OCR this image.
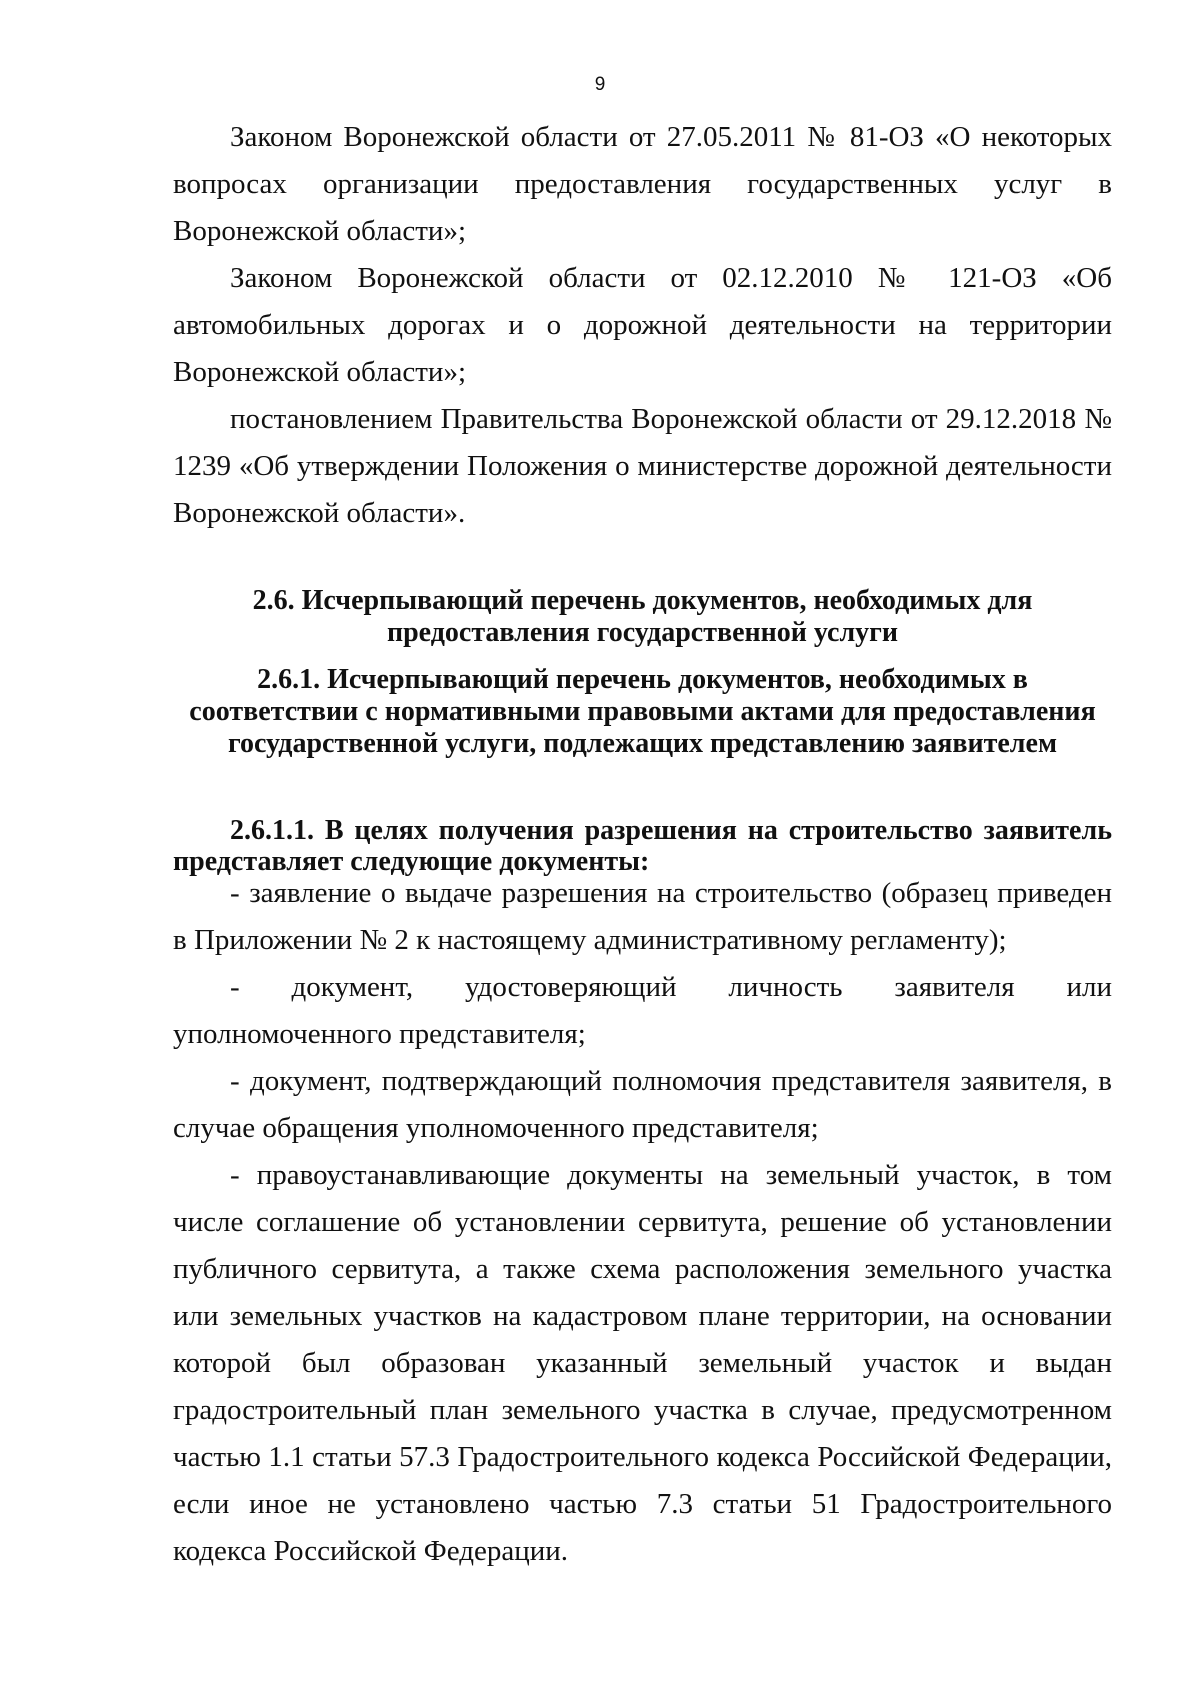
9

Законом Воронежской области от 27.05.2011 № 81-ОЗ «О некоторых вопросах организации предоставления государственных услуг в Воронежской области»;

Законом Воронежской области от 02.12.2010 № 121-ОЗ «Об автомобильных дорогах и о дорожной деятельности на территории Воронежской области»;

постановлением Правительства Воронежской области от 29.12.2018 № 1239 «Об утверждении Положения о министерстве дорожной деятельности Воронежской области».

2.6. Исчерпывающий перечень документов, необходимых для предоставления государственной услуги
2.6.1. Исчерпывающий перечень документов, необходимых в соответствии с нормативными правовыми актами для предоставления государственной услуги, подлежащих представлению заявителем

2.6.1.1. В целях получения разрешения на строительство заявитель представляет следующие документы:

- заявление о выдаче разрешения на строительство (образец приведен в Приложении № 2 к настоящему административному регламенту);

- документ, удостоверяющий личность заявителя или уполномоченного представителя;

- документ, подтверждающий полномочия представителя заявителя, в случае обращения уполномоченного представителя;

- правоустанавливающие документы на земельный участок, в том числе соглашение об установлении сервитута, решение об установлении публичного сервитута, а также схема расположения земельного участка или земельных участков на кадастровом плане территории, на основании которой был образован указанный земельный участок и выдан градостроительный план земельного участка в случае, предусмотренном частью 1.1 статьи 57.3 Градостроительного кодекса Российской Федерации, если иное не установлено частью 7.3 статьи 51 Градостроительного кодекса Российской Федерации.
